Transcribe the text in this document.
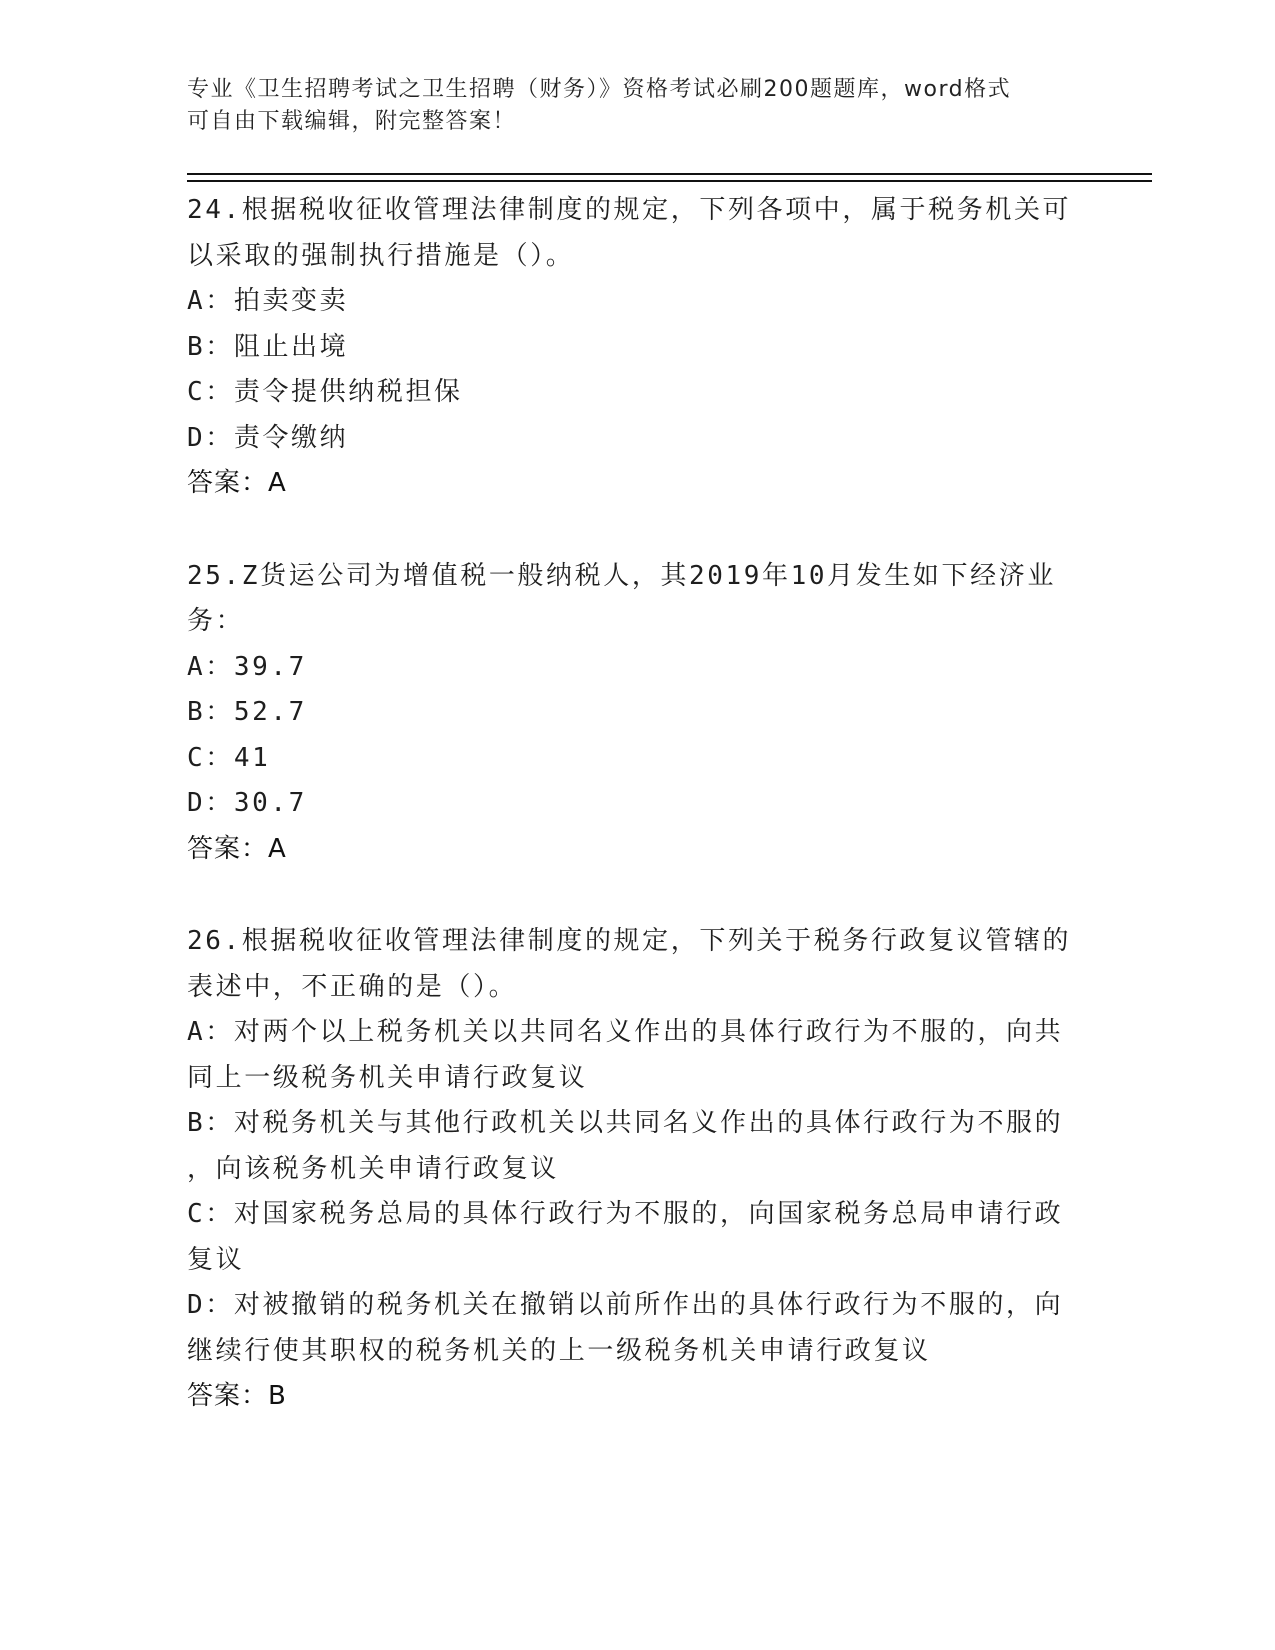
专业《卫生招聘考试之卫生招聘（财务）》资格考试必刷200题题库，word格式
可自由下载编辑，附完整答案！
24.根据税收征收管理法律制度的规定，下列各项中，属于税务机关可
以采取的强制执行措施是（）。
A：拍卖变卖
B：阻止出境
C：责令提供纳税担保
D：责令缴纳
答案：A
25.Z货运公司为增值税一般纳税人，其2019年10月发生如下经济业
务：
A：39.7
B：52.7
C：41
D：30.7
答案：A
26.根据税收征收管理法律制度的规定，下列关于税务行政复议管辖的
表述中，不正确的是（）。
A：对两个以上税务机关以共同名义作出的具体行政行为不服的，向共
同上一级税务机关申请行政复议
B：对税务机关与其他行政机关以共同名义作出的具体行政行为不服的
，向该税务机关申请行政复议
C：对国家税务总局的具体行政行为不服的，向国家税务总局申请行政
复议
D：对被撤销的税务机关在撤销以前所作出的具体行政行为不服的，向
继续行使其职权的税务机关的上一级税务机关申请行政复议
答案：B
